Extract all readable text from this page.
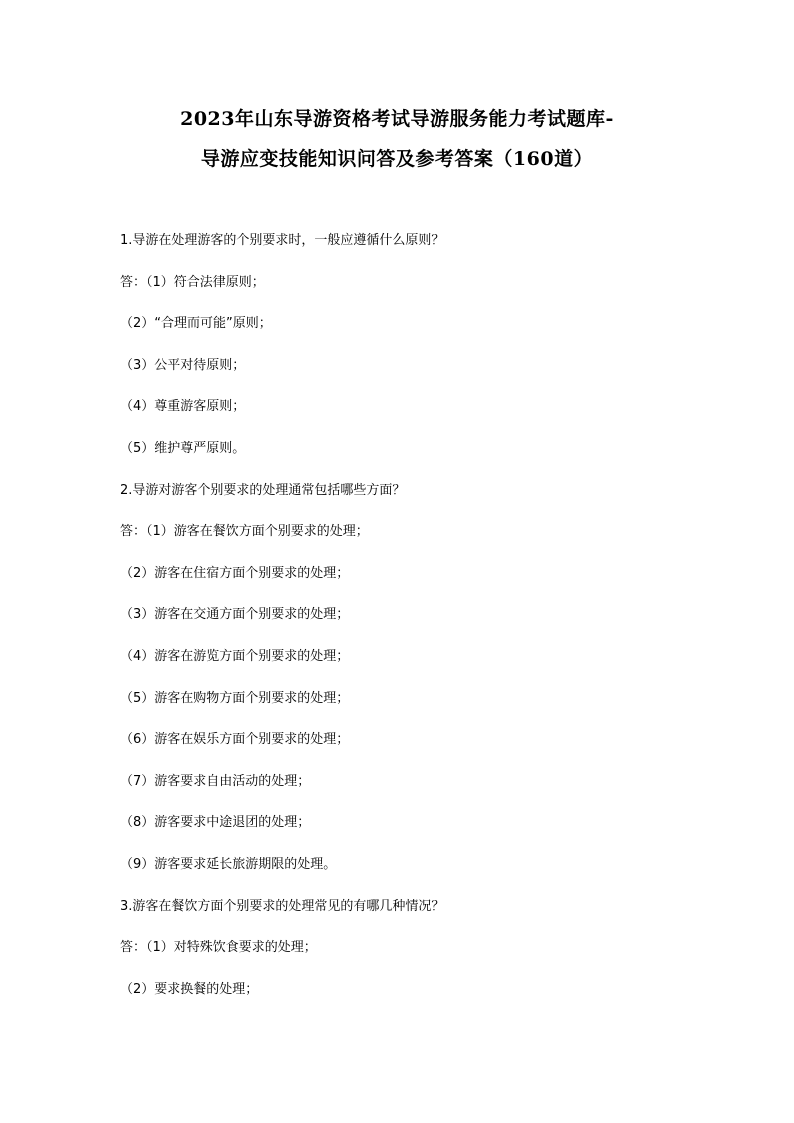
2023年山东导游资格考试导游服务能力考试题库-
导游应变技能知识问答及参考答案（160道）

1.导游在处理游客的个别要求时，一般应遵循什么原则？

答：（1）符合法律原则；

（2）“合理而可能”原则；

（3）公平对待原则；

（4）尊重游客原则；

（5）维护尊严原则。

2.导游对游客个别要求的处理通常包括哪些方面？

答：（1）游客在餐饮方面个别要求的处理；

（2）游客在住宿方面个别要求的处理；

（3）游客在交通方面个别要求的处理；

（4）游客在游览方面个别要求的处理；

（5）游客在购物方面个别要求的处理；

（6）游客在娱乐方面个别要求的处理；

（7）游客要求自由活动的处理；

（8）游客要求中途退团的处理；

（9）游客要求延长旅游期限的处理。

3.游客在餐饮方面个别要求的处理常见的有哪几种情况？

答：（1）对特殊饮食要求的处理；

（2）要求换餐的处理；
